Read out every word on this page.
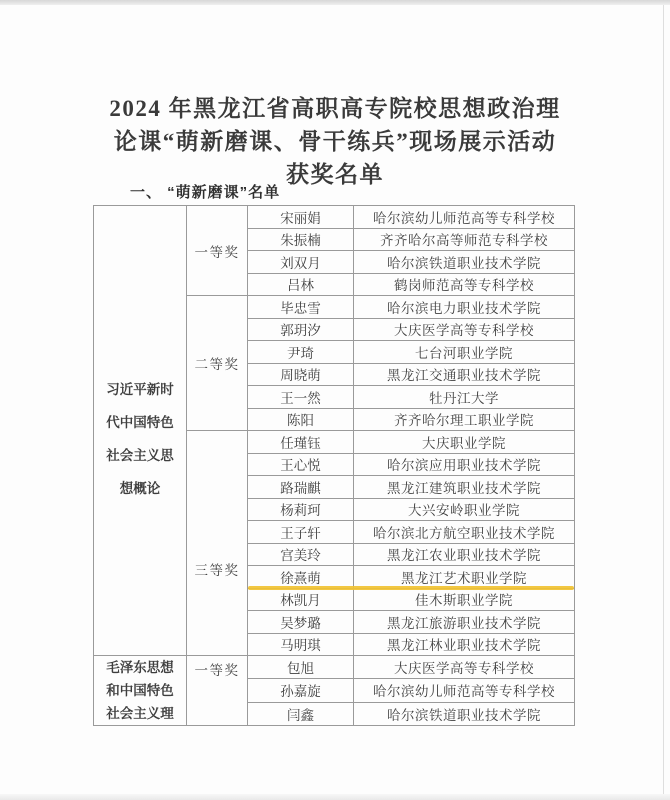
2024 年黑龙江省高职高专院校思想政治理
论课“萌新磨课、骨干练兵”现场展示活动
获奖名单
一、 “萌新磨课”名单
习近平新时
代中国特色
社会主义思
想概论	一等奖	宋丽娟	哈尔滨幼儿师范高等专科学校
		朱振楠	齐齐哈尔高等师范专科学校
		刘双月	哈尔滨铁道职业技术学院
		吕林	鹤岗师范高等专科学校

	二等奖	毕忠雪	哈尔滨电力职业技术学院
		郭玥汐	大庆医学高等专科学校
		尹琦	七台河职业学院
		周晓萌	黑龙江交通职业技术学院
		王一然	牡丹江大学
		陈阳	齐齐哈尔理工职业学院

	三等奖	任瑾钰	大庆职业学院
		王心悦	哈尔滨应用职业技术学院
		路瑞麒	黑龙江建筑职业技术学院
		杨莉珂	大兴安岭职业学院
		王子轩	哈尔滨北方航空职业技术学院
		宫美玲	黑龙江农业职业技术学院
		徐熹萌	黑龙江艺术职业学院
		林凯月	佳木斯职业学院
		吴梦璐	黑龙江旅游职业技术学院
		马明琪	黑龙江林业职业技术学院

毛泽东思想
和中国特色
社会主义理	一等奖	包旭	大庆医学高等专科学校
		孙嘉旋	哈尔滨幼儿师范高等专科学校
		闫鑫	哈尔滨铁道职业技术学院
